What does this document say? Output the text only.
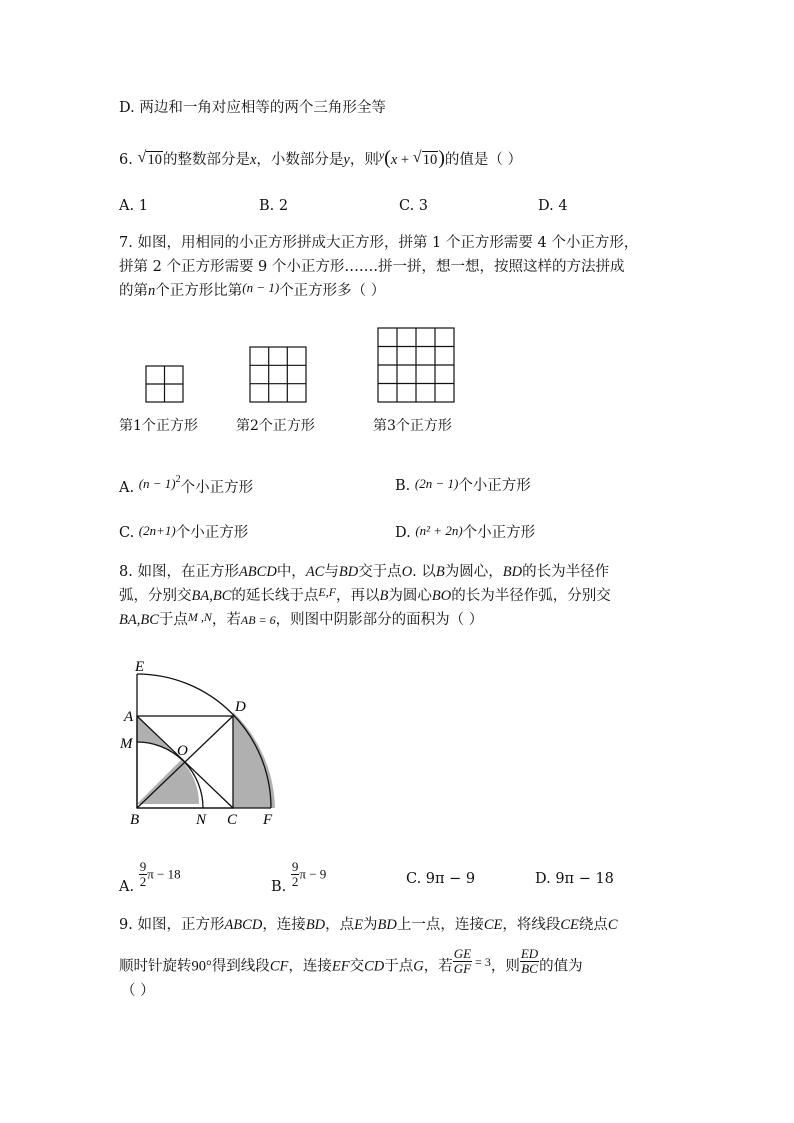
D. 两边和一角对应相等的两个三角形全等
6. √ 10的整数部分是x，小数部分是y，则$^y$(x + √ 10)的值是（ ）
A. 1	B. 2	C. 3	D. 4
7. 如图，用相同的小正方形拼成大正方形，拼第 1 个正方形需要 4 个小正方形，
拼第 2 个正方形需要 9 个小正方形…….拼一拼，想一想，按照这样的方法拼成
的第n个正方形比第(n − 1)个正方形多（ ）
第1个正方形	第2个正方形	第3个正方形
A. $(n - 1)^2$个小正方形	B. (2n − 1)个小正方形
C. (2n+1)个小正方形	D. (n² + 2n)个小正方形
8. 如图，在正方形ABCD中，AC与BD交于点O. 以B为圆心，BD的长为半径作
弧，分别交BA,BC的延长线于点$^{E,F}$，再以B为圆心BO的长为半径作弧，分别交
BA,BC于点$^{M ,N}$，若AB = 6，则图中阴影部分的面积为（ ）
E
A
D
M	O
B	N C F
A. $\frac{9}{2}$ π − 18
B. $\frac{9}{2}$ π − 9	C. 9π − 9	D. 9π − 18
9. 如图，正方形ABCD，连接BD，点E为BD上一点，连接CE，将线段CE绕点C
顺时针旋转90°得到线段CF，连接EF交CD于点G，若 $\frac{GE}{GF} ^{= 3}$，则 $\frac{ED}{BC}$ 的值为
（ ）
